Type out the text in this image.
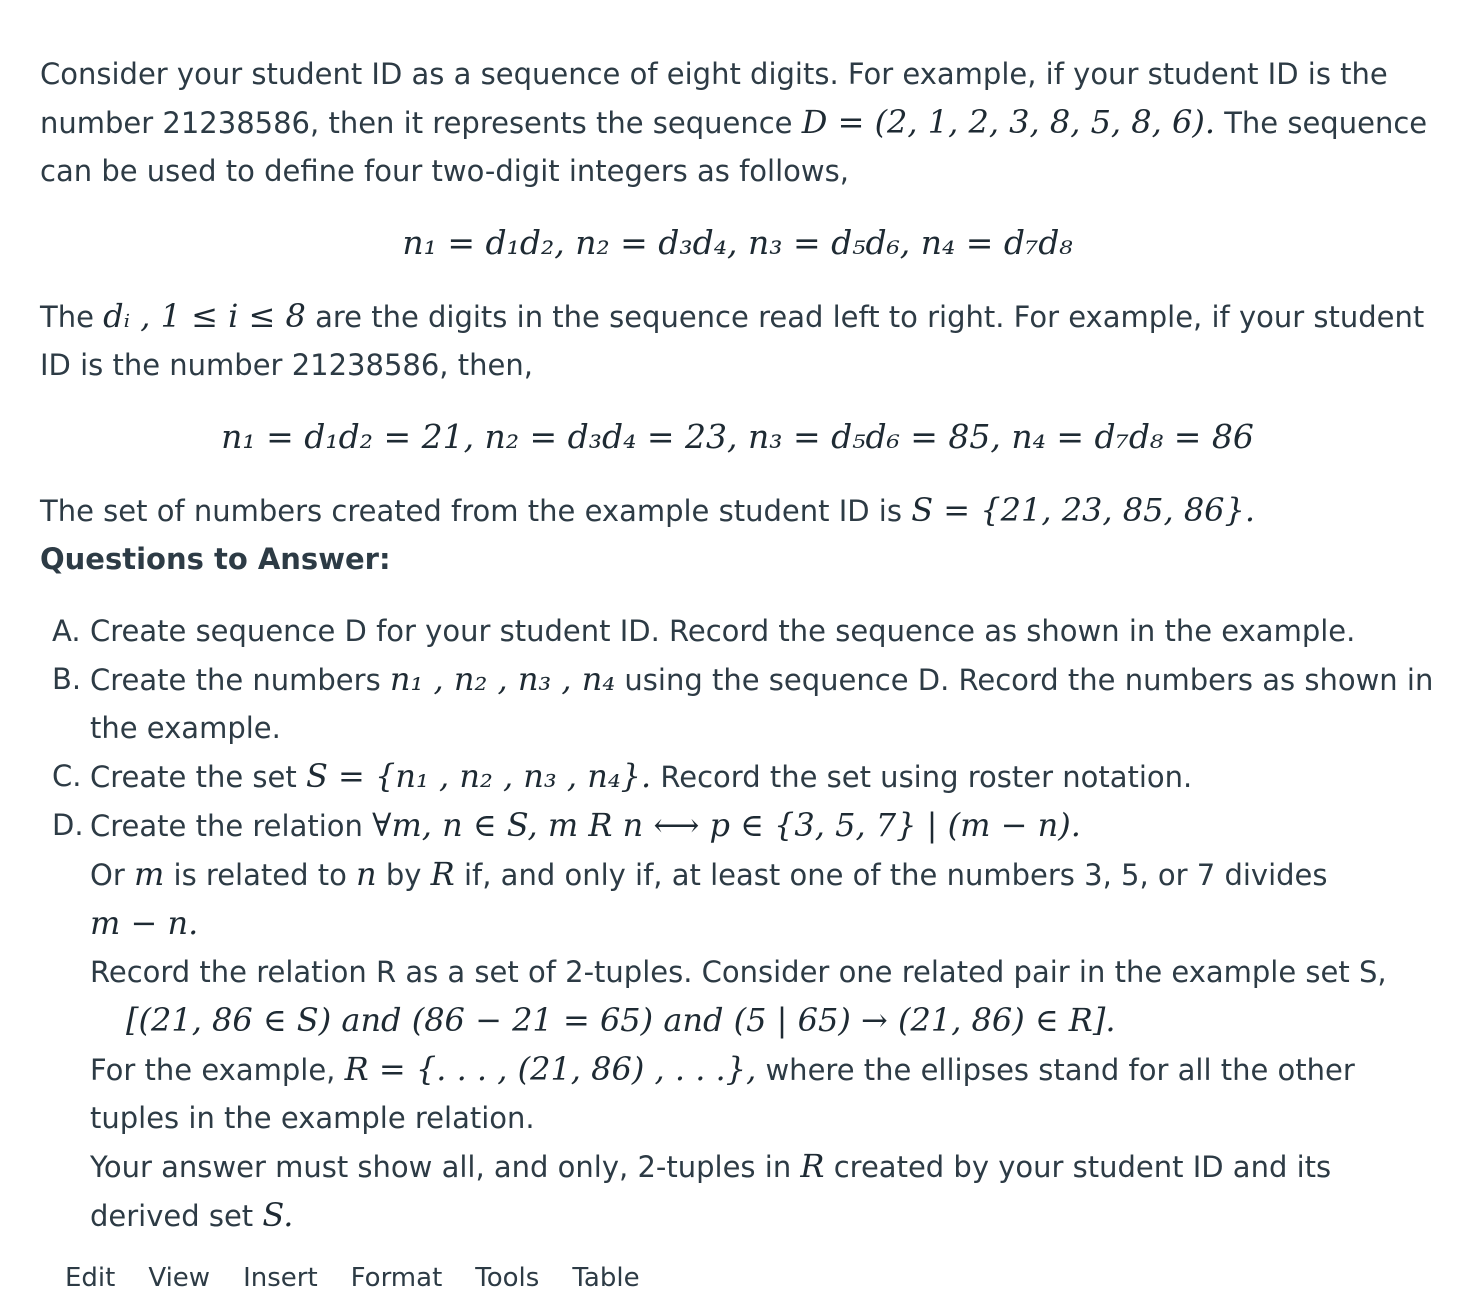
Consider your student ID as a sequence of eight digits. For example, if your student ID is the number 21238586, then it represents the sequence D = (2, 1, 2, 3, 8, 5, 8, 6). The sequence can be used to define four two-digit integers as follows,

n₁ = d₁d₂, n₂ = d₃d₄, n₃ = d₅d₆, n₄ = d₇d₈

The dᵢ , 1 ≤ i ≤ 8 are the digits in the sequence read left to right. For example, if your student ID is the number 21238586, then,

n₁ = d₁d₂ = 21, n₂ = d₃d₄ = 23, n₃ = d₅d₆ = 85, n₄ = d₇d₈ = 86

The set of numbers created from the example student ID is S = {21, 23, 85, 86}.

Questions to Answer:

A. Create sequence D for your student ID. Record the sequence as shown in the example.
B. Create the numbers n₁ , n₂ , n₃ , n₄ using the sequence D. Record the numbers as shown in the example.
C. Create the set S = {n₁ , n₂ , n₃ , n₄}. Record the set using roster notation.
D. Create the relation ∀m, n ∈ S, m R n ⟷ p ∈ {3, 5, 7} | (m − n).
Or m is related to n by R if, and only if, at least one of the numbers 3, 5, or 7 divides m − n.
Record the relation R as a set of 2-tuples. Consider one related pair in the example set S,
[(21, 86 ∈ S) and (86 − 21 = 65) and (5 | 65) → (21, 86) ∈ R].
For the example, R = {. . . , (21, 86) , . . .}, where the ellipses stand for all the other tuples in the example relation.
Your answer must show all, and only, 2-tuples in R created by your student ID and its derived set S.
Edit View Insert Format Tools Table
